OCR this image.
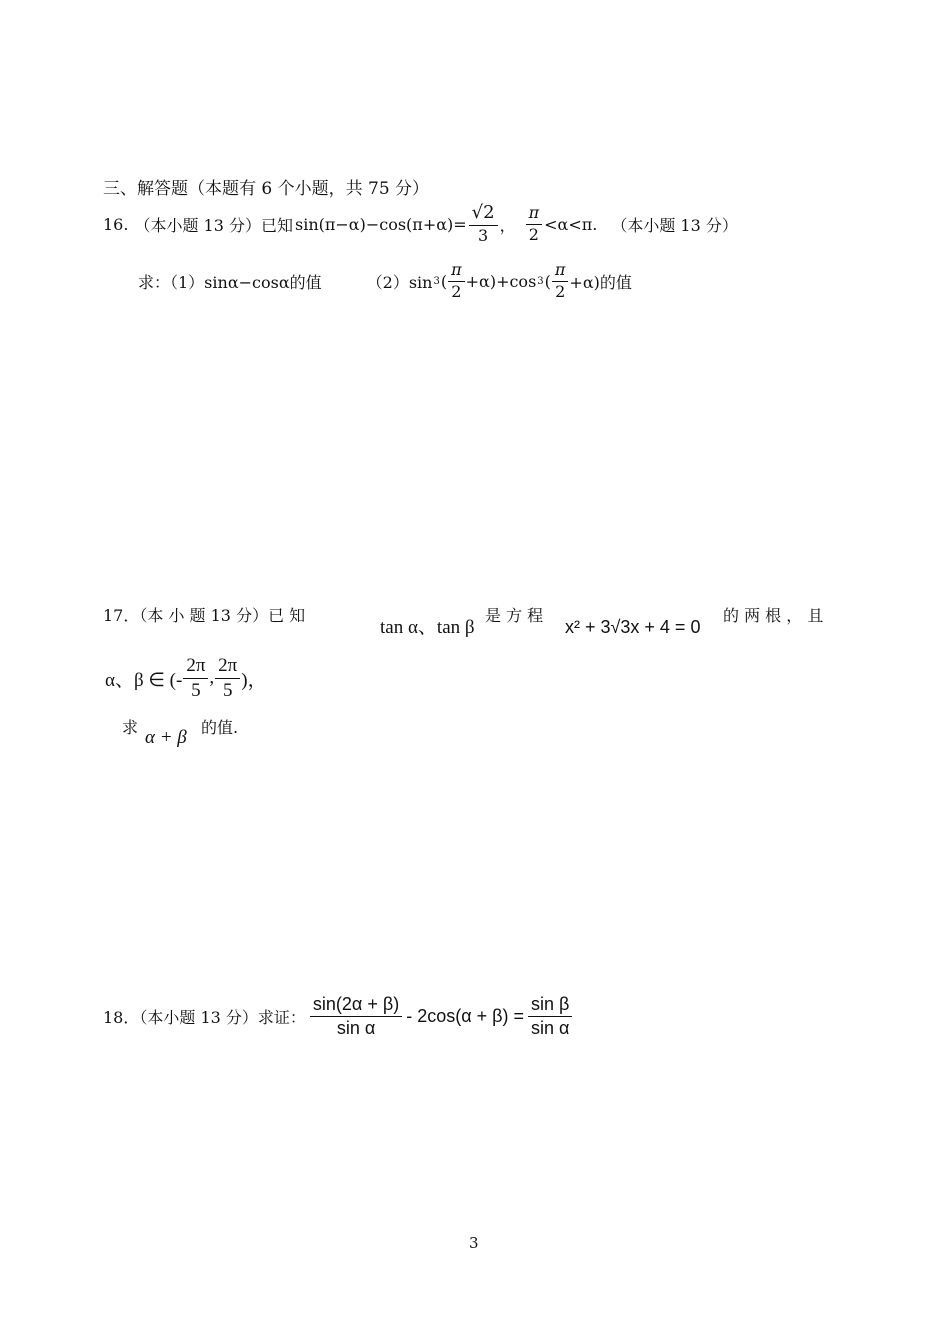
三、解答题（本题有 6 个小题，共 75 分）
16. （本小题 13 分）已知 $\sin(\pi-\alpha)-\cos(\pi+\alpha)= \frac{√2}{3}$ ， $\frac{\pi}{2} <\alpha<\pi$. （本小题 13 分）
求：（1）sinα−cosα的值	（2）sin 3 ( $\frac{\pi}{2} +\alpha)+\cos$ 3 ( $\frac{\pi}{2} +\alpha$)的值
17．（本 小 题 13 分）已 知
tan α、tan β
是 方 程
x² + 3√3x + 4 = 0
的 两 根 ， 且
α、β ∈ (- $\frac{2\pi}{5}$ , $\frac{2\pi}{5}$ )，
求 α + β 的值.
18．（本小题 13 分）求证： $\frac{\sin(2\alpha + \beta)}{\text{sin α}} - 2\cos(\alpha + \beta) = \frac{\text{sin β}}{\text{sin α}}$
3
